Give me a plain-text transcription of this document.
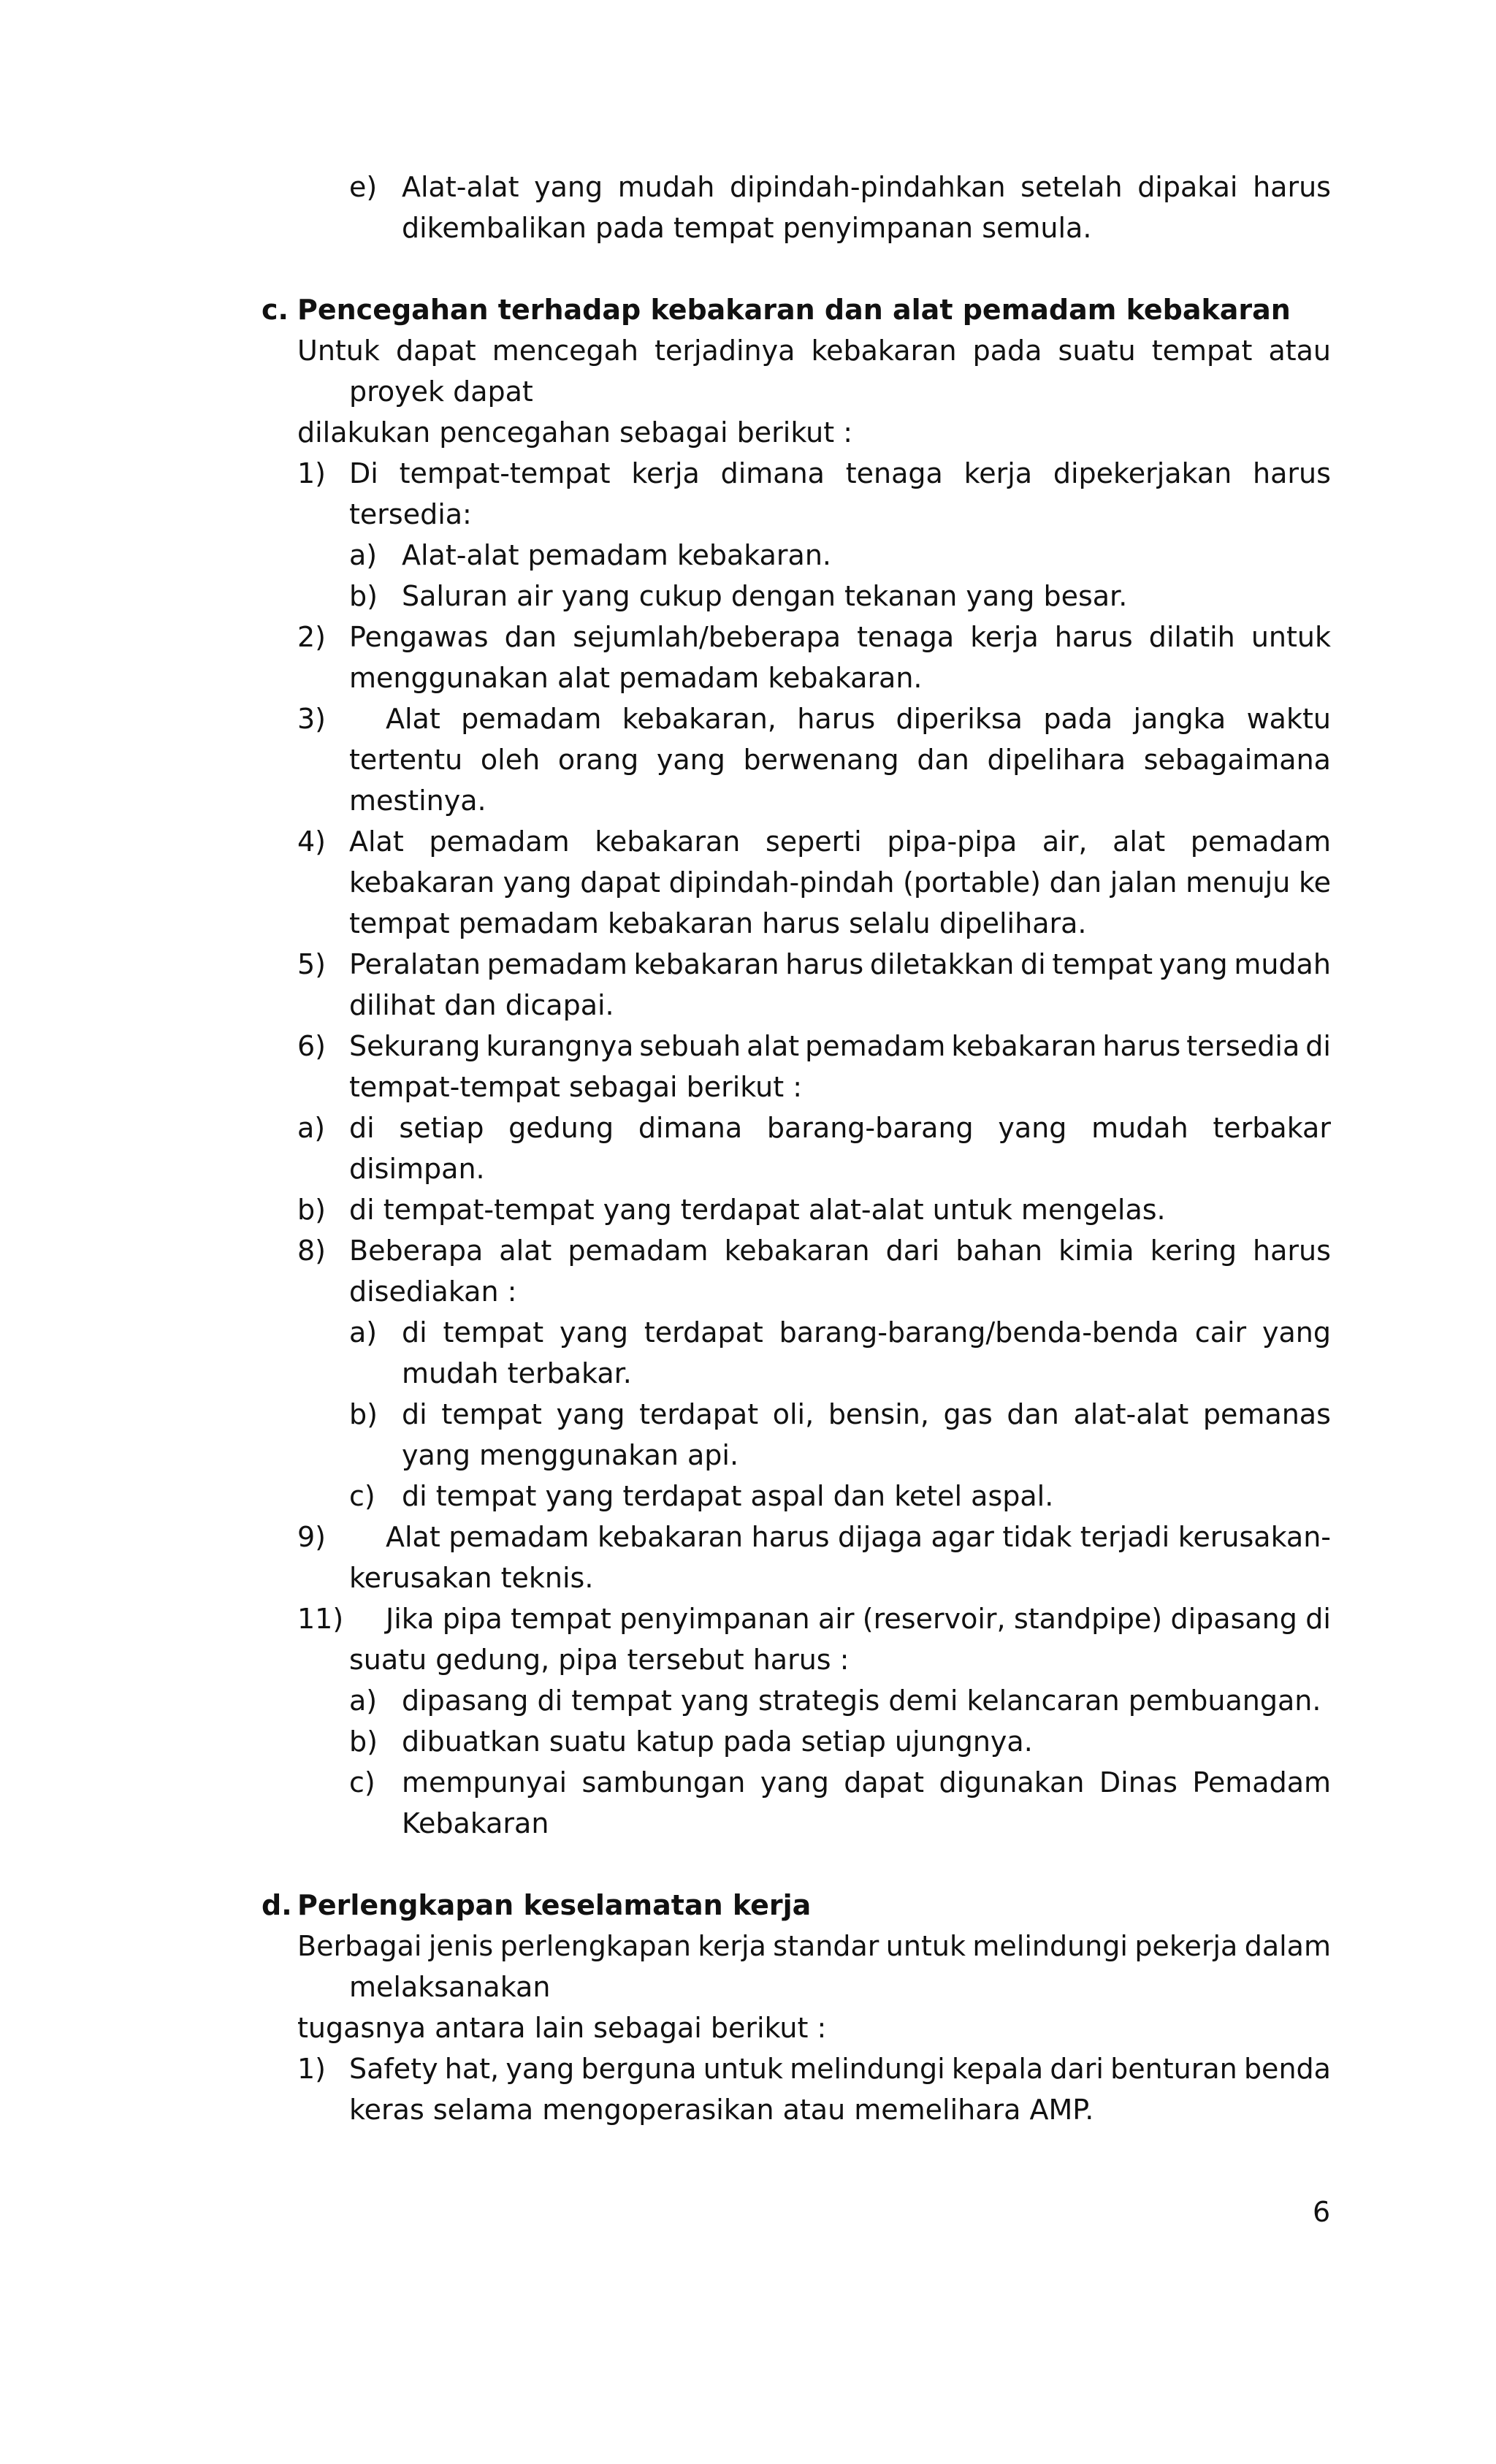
e) Alat-alat yang mudah dipindah-pindahkan setelah dipakai harus
dikembalikan pada tempat penyimpanan semula.
c. Pencegahan terhadap kebakaran dan alat pemadam kebakaran
Untuk dapat mencegah terjadinya kebakaran pada suatu tempat atau
proyek dapat
dilakukan pencegahan sebagai berikut :
1) Di tempat-tempat kerja dimana tenaga kerja dipekerjakan harus
tersedia:
a) Alat-alat pemadam kebakaran.
b) Saluran air yang cukup dengan tekanan yang besar.
2) Pengawas dan sejumlah/beberapa tenaga kerja harus dilatih untuk
menggunakan alat pemadam kebakaran.
3) Alat pemadam kebakaran, harus diperiksa pada jangka waktu
tertentu oleh orang yang berwenang dan dipelihara sebagaimana
mestinya.
4) Alat pemadam kebakaran seperti pipa-pipa air, alat pemadam
kebakaran yang dapat dipindah-pindah (portable) dan jalan menuju ke
tempat pemadam kebakaran harus selalu dipelihara.
5) Peralatan pemadam kebakaran harus diletakkan di tempat yang mudah
dilihat dan dicapai.
6) Sekurang kurangnya sebuah alat pemadam kebakaran harus tersedia di
tempat-tempat sebagai berikut :
a) di setiap gedung dimana barang-barang yang mudah terbakar
disimpan.
b) di tempat-tempat yang terdapat alat-alat untuk mengelas.
8) Beberapa alat pemadam kebakaran dari bahan kimia kering harus
disediakan :
a) di tempat yang terdapat barang-barang/benda-benda cair yang
mudah terbakar.
b) di tempat yang terdapat oli, bensin, gas dan alat-alat pemanas
yang menggunakan api.
c) di tempat yang terdapat aspal dan ketel aspal.
9) Alat pemadam kebakaran harus dijaga agar tidak terjadi kerusakan-
kerusakan teknis.
11) Jika pipa tempat penyimpanan air (reservoir, standpipe) dipasang di
suatu gedung, pipa tersebut harus :
a) dipasang di tempat yang strategis demi kelancaran pembuangan.
b) dibuatkan suatu katup pada setiap ujungnya.
c) mempunyai sambungan yang dapat digunakan Dinas Pemadam
Kebakaran
d. Perlengkapan keselamatan kerja
Berbagai jenis perlengkapan kerja standar untuk melindungi pekerja dalam
melaksanakan
tugasnya antara lain sebagai berikut :
1) Safety hat, yang berguna untuk melindungi kepala dari benturan benda
keras selama mengoperasikan atau memelihara AMP.
6
